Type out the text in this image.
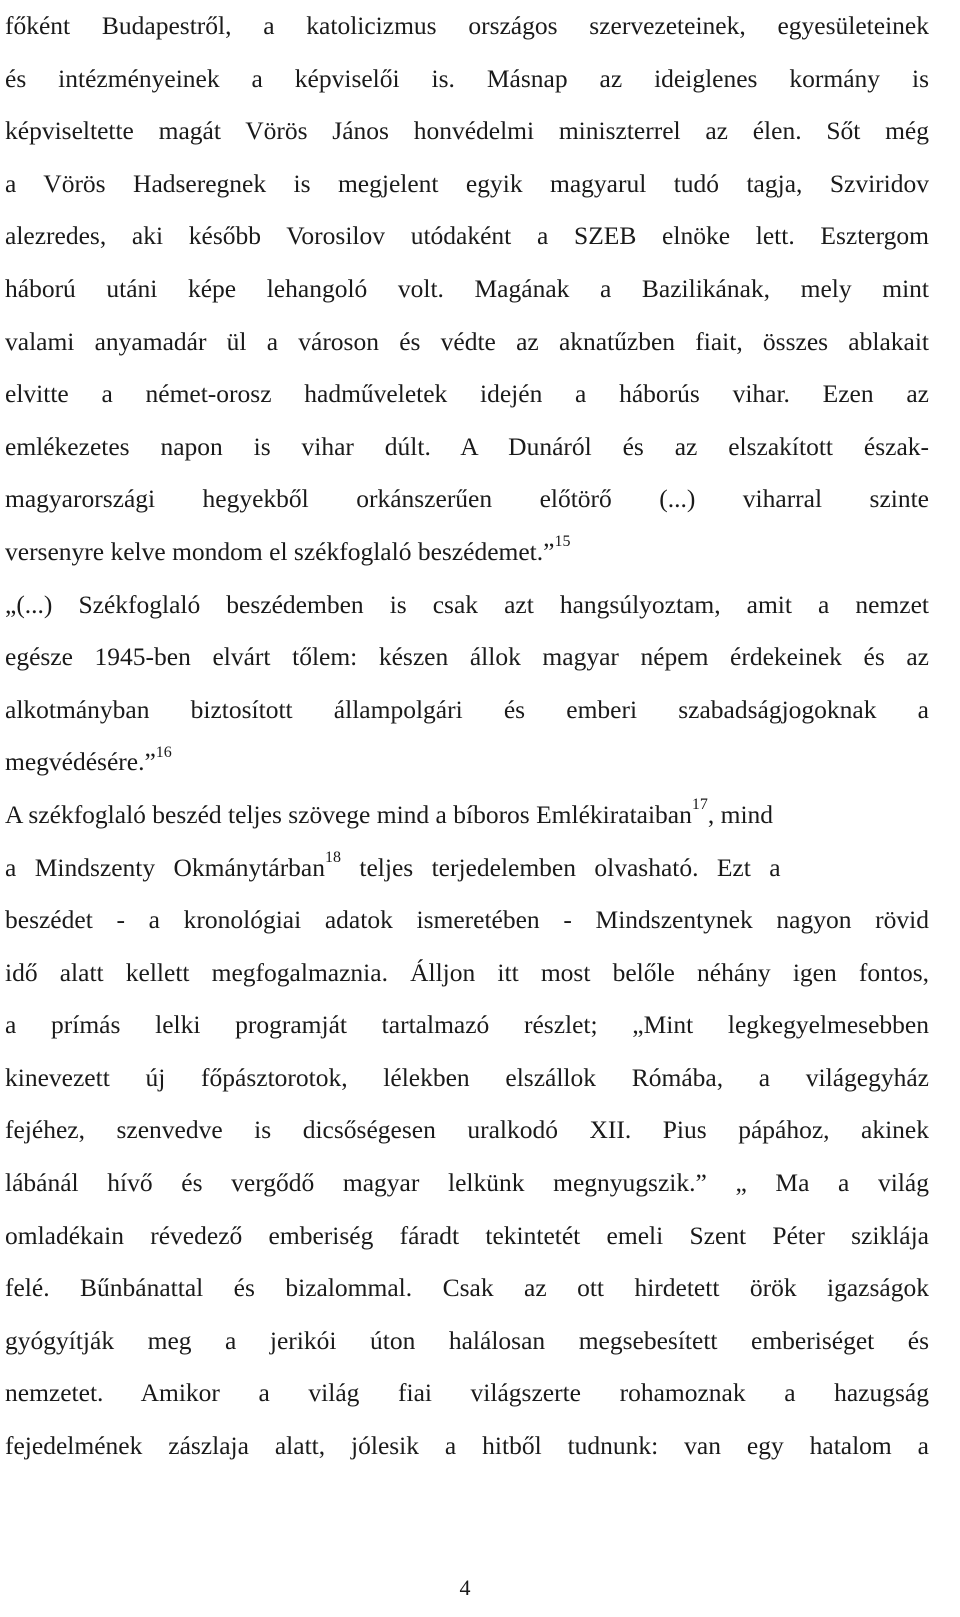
főként Budapestről, a katolicizmus országos szervezeteinek, egyesületeinek
és intézményeinek a képviselői is. Másnap az ideiglenes kormány is
képviseltette magát Vörös János honvédelmi miniszterrel az élen. Sőt még
a Vörös Hadseregnek is megjelent egyik magyarul tudó tagja, Szviridov
alezredes, aki később Vorosilov utódaként a SZEB elnöke lett. Esztergom
háború utáni képe lehangoló volt. Magának a Bazilikának, mely mint
valami anyamadár ül a városon és védte az aknatűzben fiait, összes ablakait
elvitte a német-orosz hadműveletek idején a háborús vihar. Ezen az
emlékezetes napon is vihar dúlt. A Dunáról és az elszakított észak-
magyarországi hegyekből orkánszerűen előtörő (...) viharral szinte
versenyre kelve mondom el székfoglaló beszédemet.”$^{15}$
„(...) Székfoglaló beszédemben is csak azt hangsúlyoztam, amit a nemzet
egésze 1945-ben elvárt tőlem: készen állok magyar népem érdekeinek és az
alkotmányban biztosított állampolgári és emberi szabadságjogoknak a
megvédésére.”$^{16}$
A székfoglaló beszéd teljes szövege mind a bíboros Emlékirataiban$^{17}$, mind
a Mindszenty Okmánytárban$^{18}$ teljes terjedelemben olvasható. Ezt a
beszédet - a kronológiai adatok ismeretében - Mindszentynek nagyon rövid
idő alatt kellett megfogalmaznia. Álljon itt most belőle néhány igen fontos,
a prímás lelki programját tartalmazó részlet; „Mint legkegyelmesebben
kinevezett új főpásztorotok, lélekben elszállok Rómába, a világegyház
fejéhez, szenvedve is dicsőségesen uralkodó XII. Pius pápához, akinek
lábánál hívő és vergődő magyar lelkünk megnyugszik.” „ Ma a világ
omladékain révedező emberiség fáradt tekintetét emeli Szent Péter sziklája
felé. Bűnbánattal és bizalommal. Csak az ott hirdetett örök igazságok
gyógyítják meg a jerikói úton halálosan megsebesített emberiséget és
nemzetet. Amikor a világ fiai világszerte rohamoznak a hazugság
fejedelmének zászlaja alatt, jólesik a hitből tudnunk: van egy hatalom a
4
